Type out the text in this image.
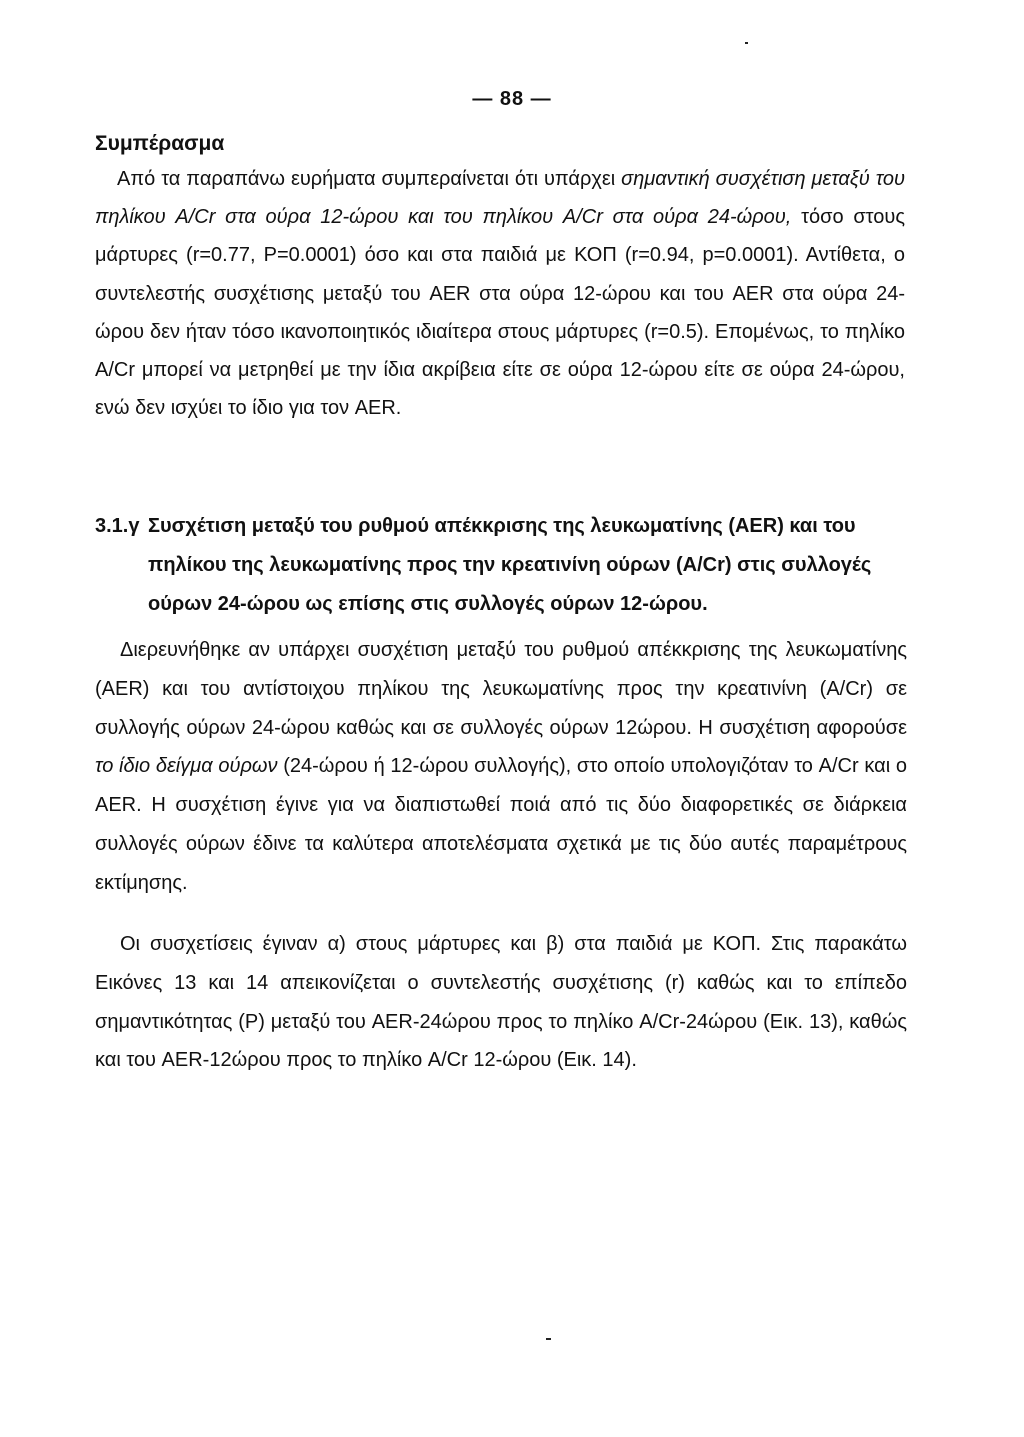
— 88 —
Συμπέρασμα

Από τα παραπάνω ευρήματα συμπεραίνεται ότι υπάρχει σημαντική συσχέτιση μεταξύ του πηλίκου A/Cr στα ούρα 12-ώρου και του πηλίκου A/Cr στα ούρα 24-ώρου, τόσο στους μάρτυρες (r=0.77, P=0.0001) όσο και στα παιδιά με ΚΟΠ (r=0.94, p=0.0001). Αντίθετα, ο συντελεστής συσχέτισης μεταξύ του AER στα ούρα 12-ώρου και του AER στα ούρα 24-ώρου δεν ήταν τόσο ικανοποιητικός ιδιαίτερα στους μάρτυρες (r=0.5). Επομένως, το πηλίκο A/Cr μπορεί να μετρηθεί με την ίδια ακρίβεια είτε σε ούρα 12-ώρου είτε σε ούρα 24-ώρου, ενώ δεν ισχύει το ίδιο για τον AER.

3.1.γ Συσχέτιση μεταξύ του ρυθμού απέκκρισης της λευκωματίνης (AER) και του
πηλίκου της λευκωματίνης προς την κρεατινίνη ούρων (A/Cr) στις συλλογές
ούρων 24-ώρου ως επίσης στις συλλογές ούρων 12-ώρου.

Διερευνήθηκε αν υπάρχει συσχέτιση μεταξύ του ρυθμού απέκκρισης της λευκωματίνης (AER) και του αντίστοιχου πηλίκου της λευκωματίνης προς την κρεατινίνη (A/Cr) σε συλλογής ούρων 24-ώρου καθώς και σε συλλογές ούρων 12ώρου. Η συσχέτιση αφορούσε το ίδιο δείγμα ούρων (24-ώρου ή 12-ώρου συλλογής), στο οποίο υπολογιζόταν το A/Cr και ο AER. Η συσχέτιση έγινε για να διαπιστωθεί ποιά από τις δύο διαφορετικές σε διάρκεια συλλογές ούρων έδινε τα καλύτερα αποτελέσματα σχετικά με τις δύο αυτές παραμέτρους εκτίμησης.

Οι συσχετίσεις έγιναν α) στους μάρτυρες και β) στα παιδιά με ΚΟΠ. Στις παρακάτω Εικόνες 13 και 14 απεικονίζεται ο συντελεστής συσχέτισης (r) καθώς και το επίπεδο σημαντικότητας (P) μεταξύ του AER-24ώρου προς το πηλίκο A/Cr-24ώρου (Εικ. 13), καθώς και του AER-12ώρου προς το πηλίκο A/Cr 12-ώρου (Εικ. 14).
